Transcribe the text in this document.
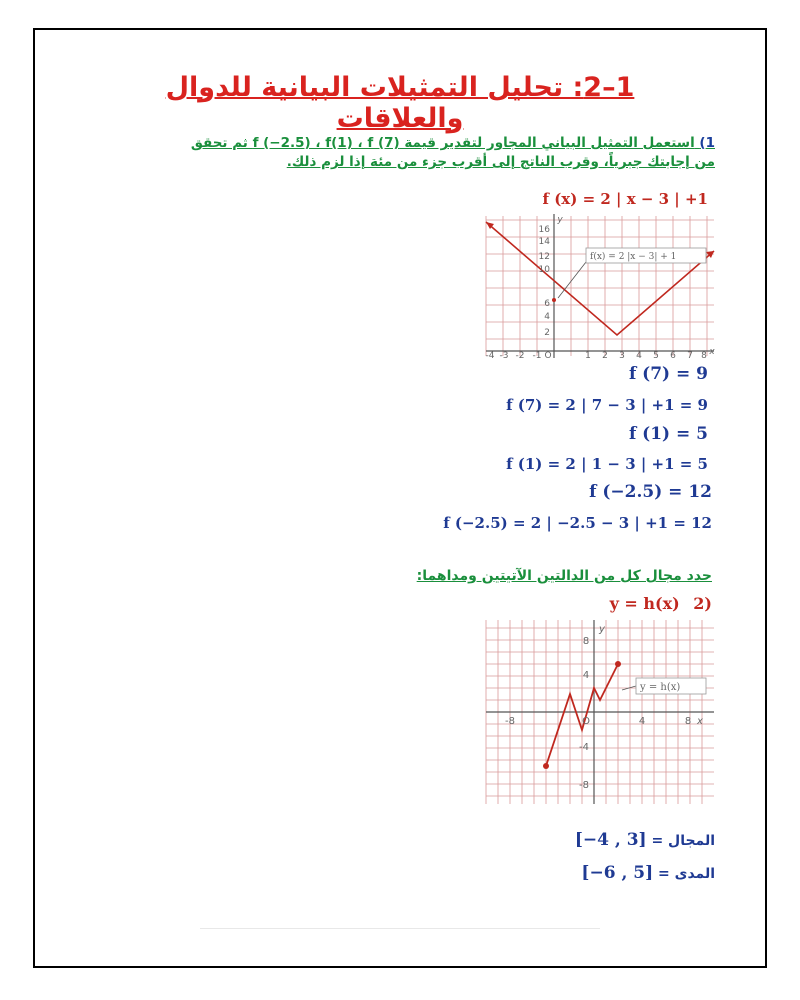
2–1: تحليل التمثيلات البيانية للدوال والعلاقات
1) استعمل التمثيل البياني المجاور لتقدير قيمة f (−2.5) ، f(1) ، f (7) ثم تحقق
من إجابتك جبرياً، وقرب الناتج إلى أقرب جزء من مئة إذا لزم ذلك.
f (x) = 2 | x − 3 | +1
f(x) = 2 |x − 3| + 1
16
14
12
10
6
4
2
-4 -3 -2 -1 O	1 2 3 4 5 6 7 8 x
y
f (7) = 9
f (7) = 2 | 7 − 3 | +1 = 9
f (1) = 5
f (1) = 2 | 1 − 3 | +1 = 5
f (−2.5) = 12
f (−2.5) = 2 | −2.5 − 3 | +1 = 12
حدد مجال كل من الدالتين الآتيتين ومداهما:
y = h(x) 2)
y = h(x)
-8	O	4	8
8
4
-4
-8
x
y
المجال = [−4 , 3]
المدى = [−6 , 5]
